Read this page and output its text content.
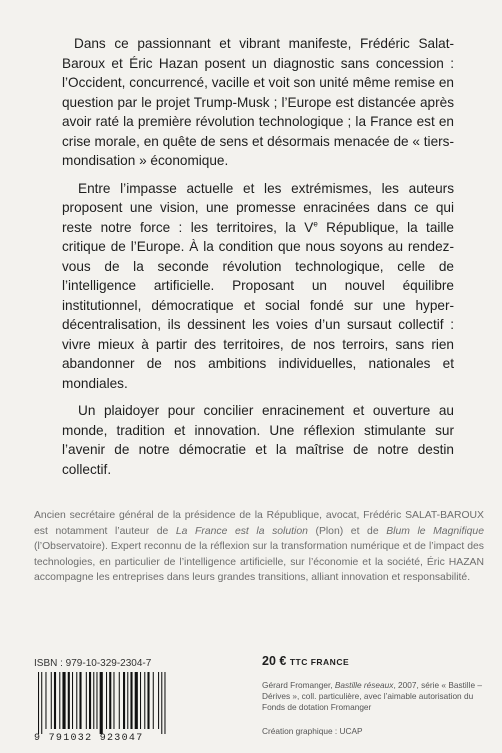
Dans ce passionnant et vibrant manifeste, Frédéric Salat-Baroux et Éric Hazan posent un diagnostic sans concession : l’Occident, concurrencé, vacille et voit son unité même remise en question par le projet Trump-Musk ; l’Europe est distancée après avoir raté la première révolution technologique ; la France est en crise morale, en quête de sens et désormais menacée de « tiers-mondisation » économique.

Entre l’impasse actuelle et les extrémismes, les auteurs proposent une vision, une promesse enracinées dans ce qui reste notre force : les territoires, la Ve République, la taille critique de l’Europe. À la condition que nous soyons au rendez-vous de la seconde révolution technologique, celle de l’intelligence artificielle. Proposant un nouvel équilibre institutionnel, démocratique et social fondé sur une hyper-décentralisation, ils dessinent les voies d’un sursaut collectif : vivre mieux à partir des territoires, de nos terroirs, sans rien abandonner de nos ambitions individuelles, nationales et mondiales.

Un plaidoyer pour concilier enracinement et ouverture au monde, tradition et innovation. Une réflexion stimulante sur l’avenir de notre démocratie et la maîtrise de notre destin collectif.

Ancien secrétaire général de la présidence de la République, avocat, Frédéric SALAT-BAROUX est notamment l’auteur de La France est la solution (Plon) et de Blum le Magnifique (l’Observatoire). Expert reconnu de la réflexion sur la transformation numérique et de l’impact des technologies, en particulier de l’intelligence artificielle, sur l’économie et la société, Éric HAZAN accompagne les entreprises dans leurs grandes transitions, alliant innovation et responsabilité.

ISBN : 979-10-329-2304-7
9 791032 923047
20 € TTC FRANCE

Gérard Fromanger, Bastille réseaux, 2007, série « Bastille – Dérives », coll. particulière, avec l’aimable autorisation du Fonds de dotation Fromanger

Création graphique : UCAP
